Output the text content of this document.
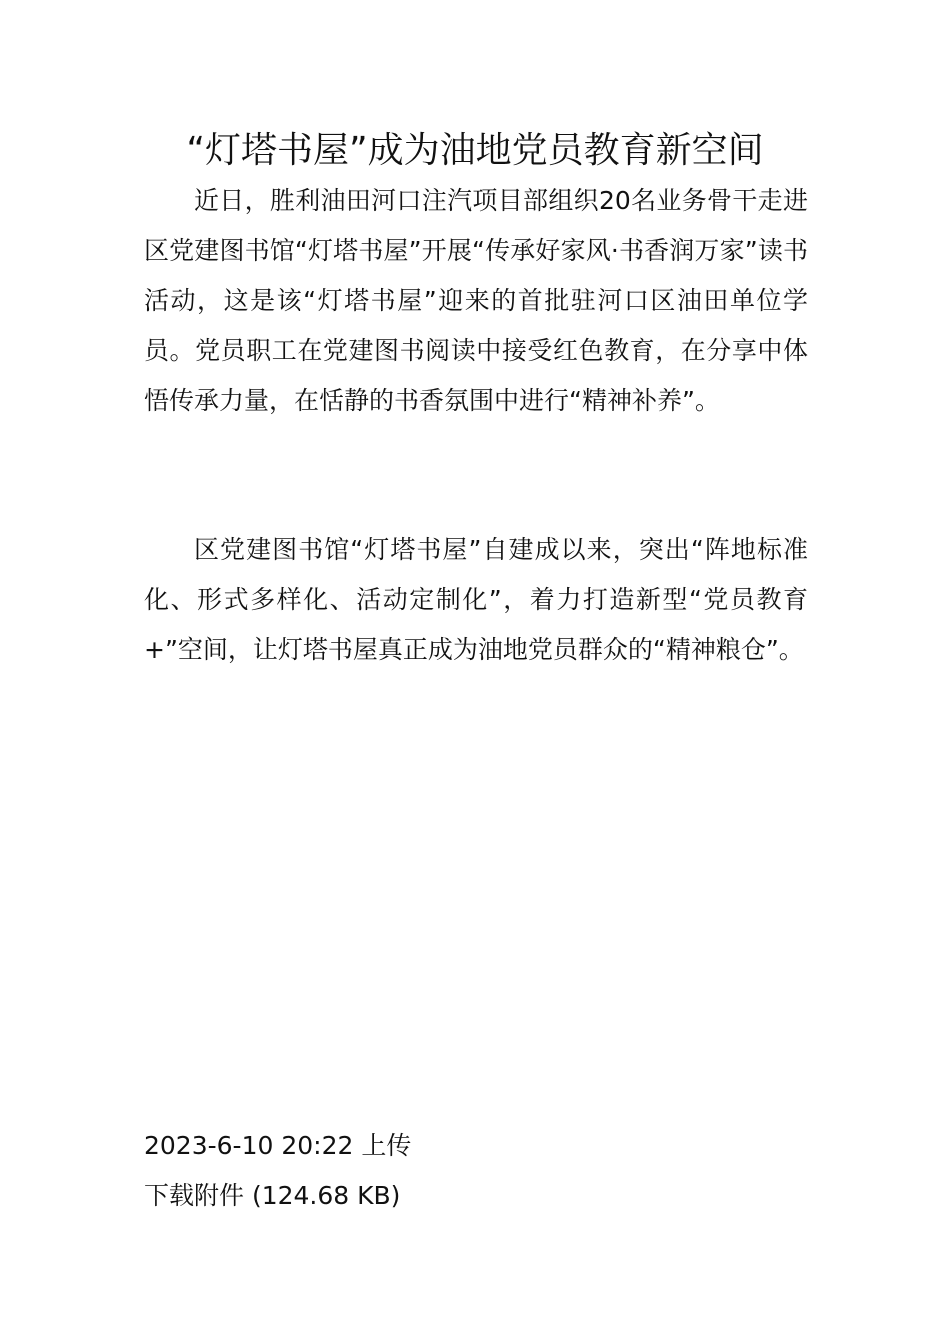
“灯塔书屋”成为油地党员教育新空间

近日，胜利油田河口注汽项目部组织20名业务骨干走进区党建图书馆“灯塔书屋”开展“传承好家风·书香润万家”读书活动，这是该“灯塔书屋”迎来的首批驻河口区油田单位学员。党员职工在党建图书阅读中接受红色教育，在分享中体悟传承力量，在恬静的书香氛围中进行“精神补养”。

区党建图书馆“灯塔书屋”自建成以来，突出“阵地标准化、形式多样化、活动定制化”，着力打造新型“党员教育+”空间，让灯塔书屋真正成为油地党员群众的“精神粮仓”。

2023-6-10 20:22 上传

下载附件 (124.68 KB)
